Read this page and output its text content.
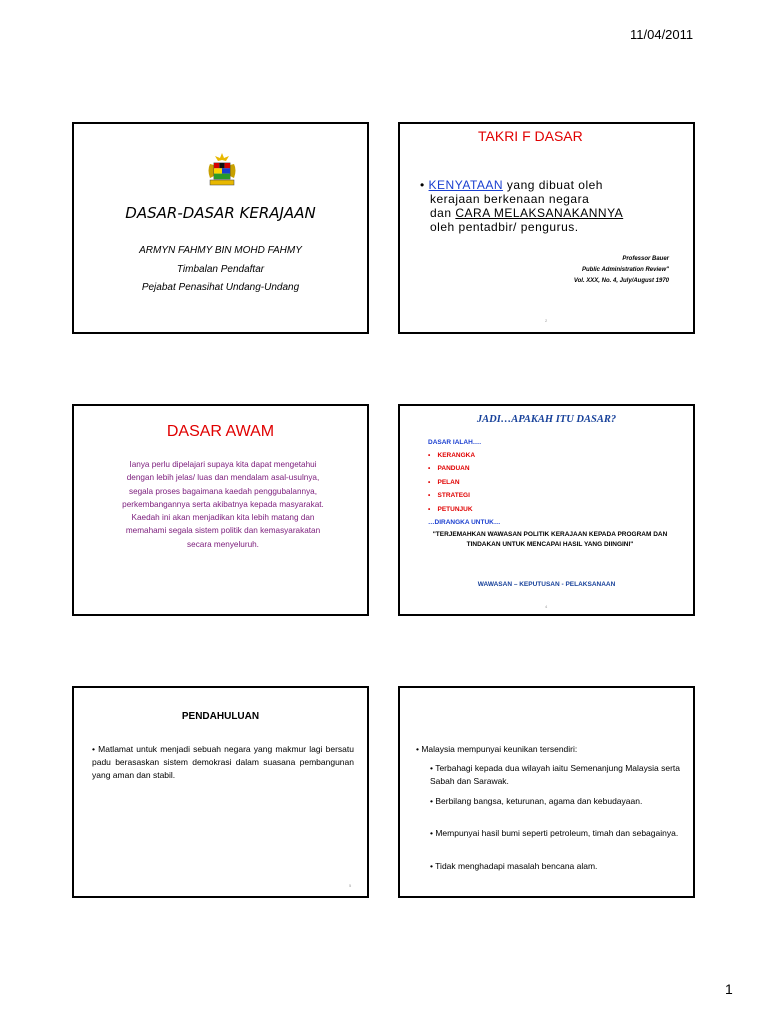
11/04/2011
DASAR-DASAR KERAJAAN
ARMYN FAHMY BIN MOHD FAHMY
Timbalan Pendaftar
Pejabat Penasihat Undang-Undang
TAKRI F DASAR
• KENYATAAN yang dibuat oleh
kerajaan berkenaan negara
dan CARA MELAKSANAKANNYA
oleh pentadbir/ pengurus.
Professor Bauer
Public Administration Review"
Vol. XXX, No. 4, July/August 1970
2
DASAR AWAM
Ianya perlu dipelajari supaya kita dapat mengetahui
dengan lebih jelas/ luas dan mendalam asal-usulnya,
segala proses bagaimana kaedah penggubalannya,
perkembangannya serta akibatnya kepada masyarakat.
Kaedah ini akan menjadikan kita lebih matang dan
memahami segala sistem politik dan kemasyarakatan
secara menyeluruh.
JADI…APAKAH ITU DASAR?
DASAR IALAH….
• KERANGKA
• PANDUAN
• PELAN
• STRATEGI
• PETUNJUK
…DIRANGKA UNTUK…
"TERJEMAHKAN WAWASAN POLITIK KERAJAAN KEPADA PROGRAM DAN TINDAKAN UNTUK MENCAPAI HASIL YANG DIINGINI"
WAWASAN – KEPUTUSAN - PELAKSANAAN
4
PENDAHULUAN
• Matlamat untuk menjadi sebuah negara yang makmur lagi bersatu padu berasaskan sistem demokrasi dalam suasana pembangunan yang aman dan stabil.
5
• Malaysia mempunyai keunikan tersendiri:
• Terbahagi kepada dua wilayah iaitu Semenanjung Malaysia serta Sabah dan Sarawak.
• Berbilang bangsa, keturunan, agama dan kebudayaan.
• Mempunyai hasil bumi seperti petroleum, timah dan sebagainya.
• Tidak menghadapi masalah bencana alam.
1
